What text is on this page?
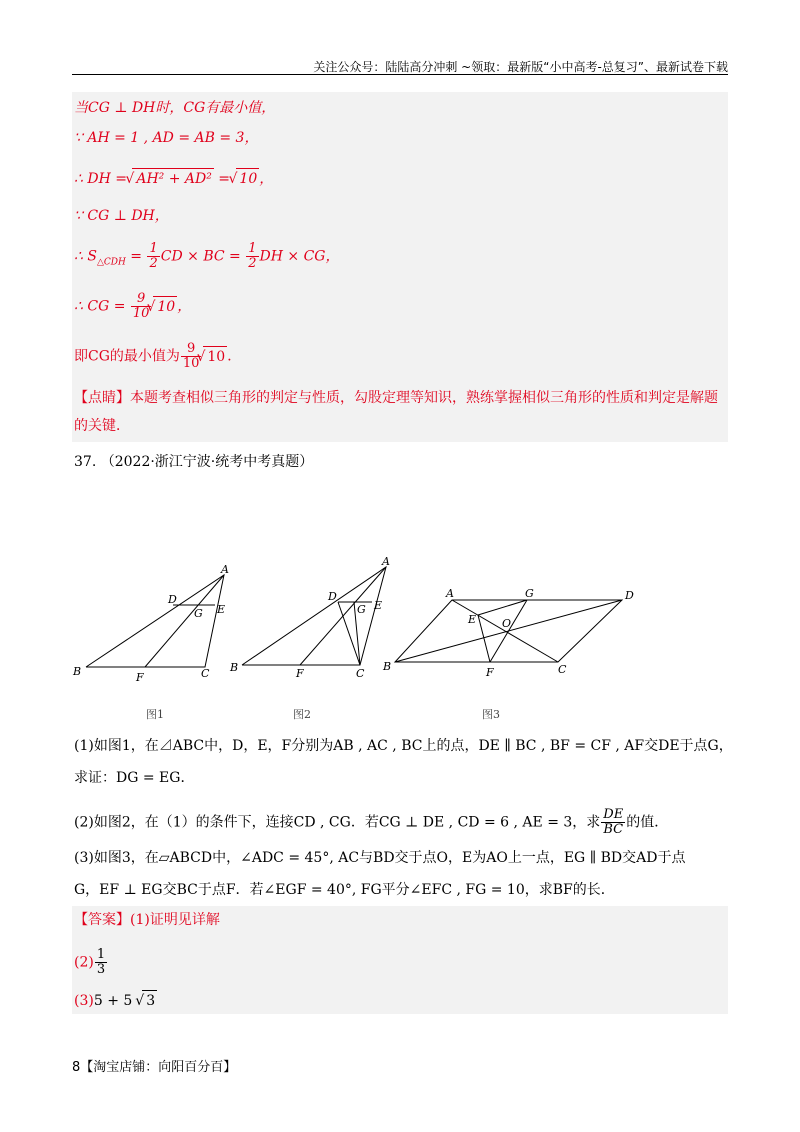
关注公众号：陆陆高分冲刺 ~领取：最新版“小中高考-总复习”、最新试卷下载
当CG ⊥ DH时，CG有最小值，
∵ AH = 1 , AD = AB = 3，
∴ DH = √ AH² + AD² = √ 10 ，
∵ CG ⊥ DH，
∴ $S_{\triangle CDH} = \frac{1}{2}$ CD × BC = $\frac{1}{2}$ DH × CG，
∴ CG = $\frac{9}{10}$ √ 10 ，
即CG的最小值为 $\frac{9}{10}$ √ 10 ．
【点睛】本题考查相似三角形的判定与性质，勾股定理等知识，熟练掌握相似三角形的性质和判定是解题
的关键．
37. （2022·浙江宁波·统考中考真题）
A
B	C
D
E
F
G
A
B	C
D
E
F
G
A
B	C
D
E
F
G
O
图1	图2	图3
(1)如图1，在⊿ABC中，D，E，F分别为AB , AC , BC上的点，DE ∥ BC , BF = CF , AF交DE于点G，
求证：DG = EG．
(2)如图2，在（1）的条件下，连接CD , CG．若CG ⊥ DE , CD = 6 , AE = 3，求 $\frac{DE}{BC}$ 的值．
(3)如图3，在▱ABCD中，∠ADC = 45°, AC与BD交于点O，E为AO上一点，EG ∥ BD交AD于点
G，EF ⊥ EG交BC于点F．若∠EGF = 40°, FG平分∠EFC , FG = 10，求BF的长．
【答案】(1)证明见详解
$(2) \frac{1}{3}$
(3)5 + 5 √ 3
8【淘宝店铺：向阳百分百】
